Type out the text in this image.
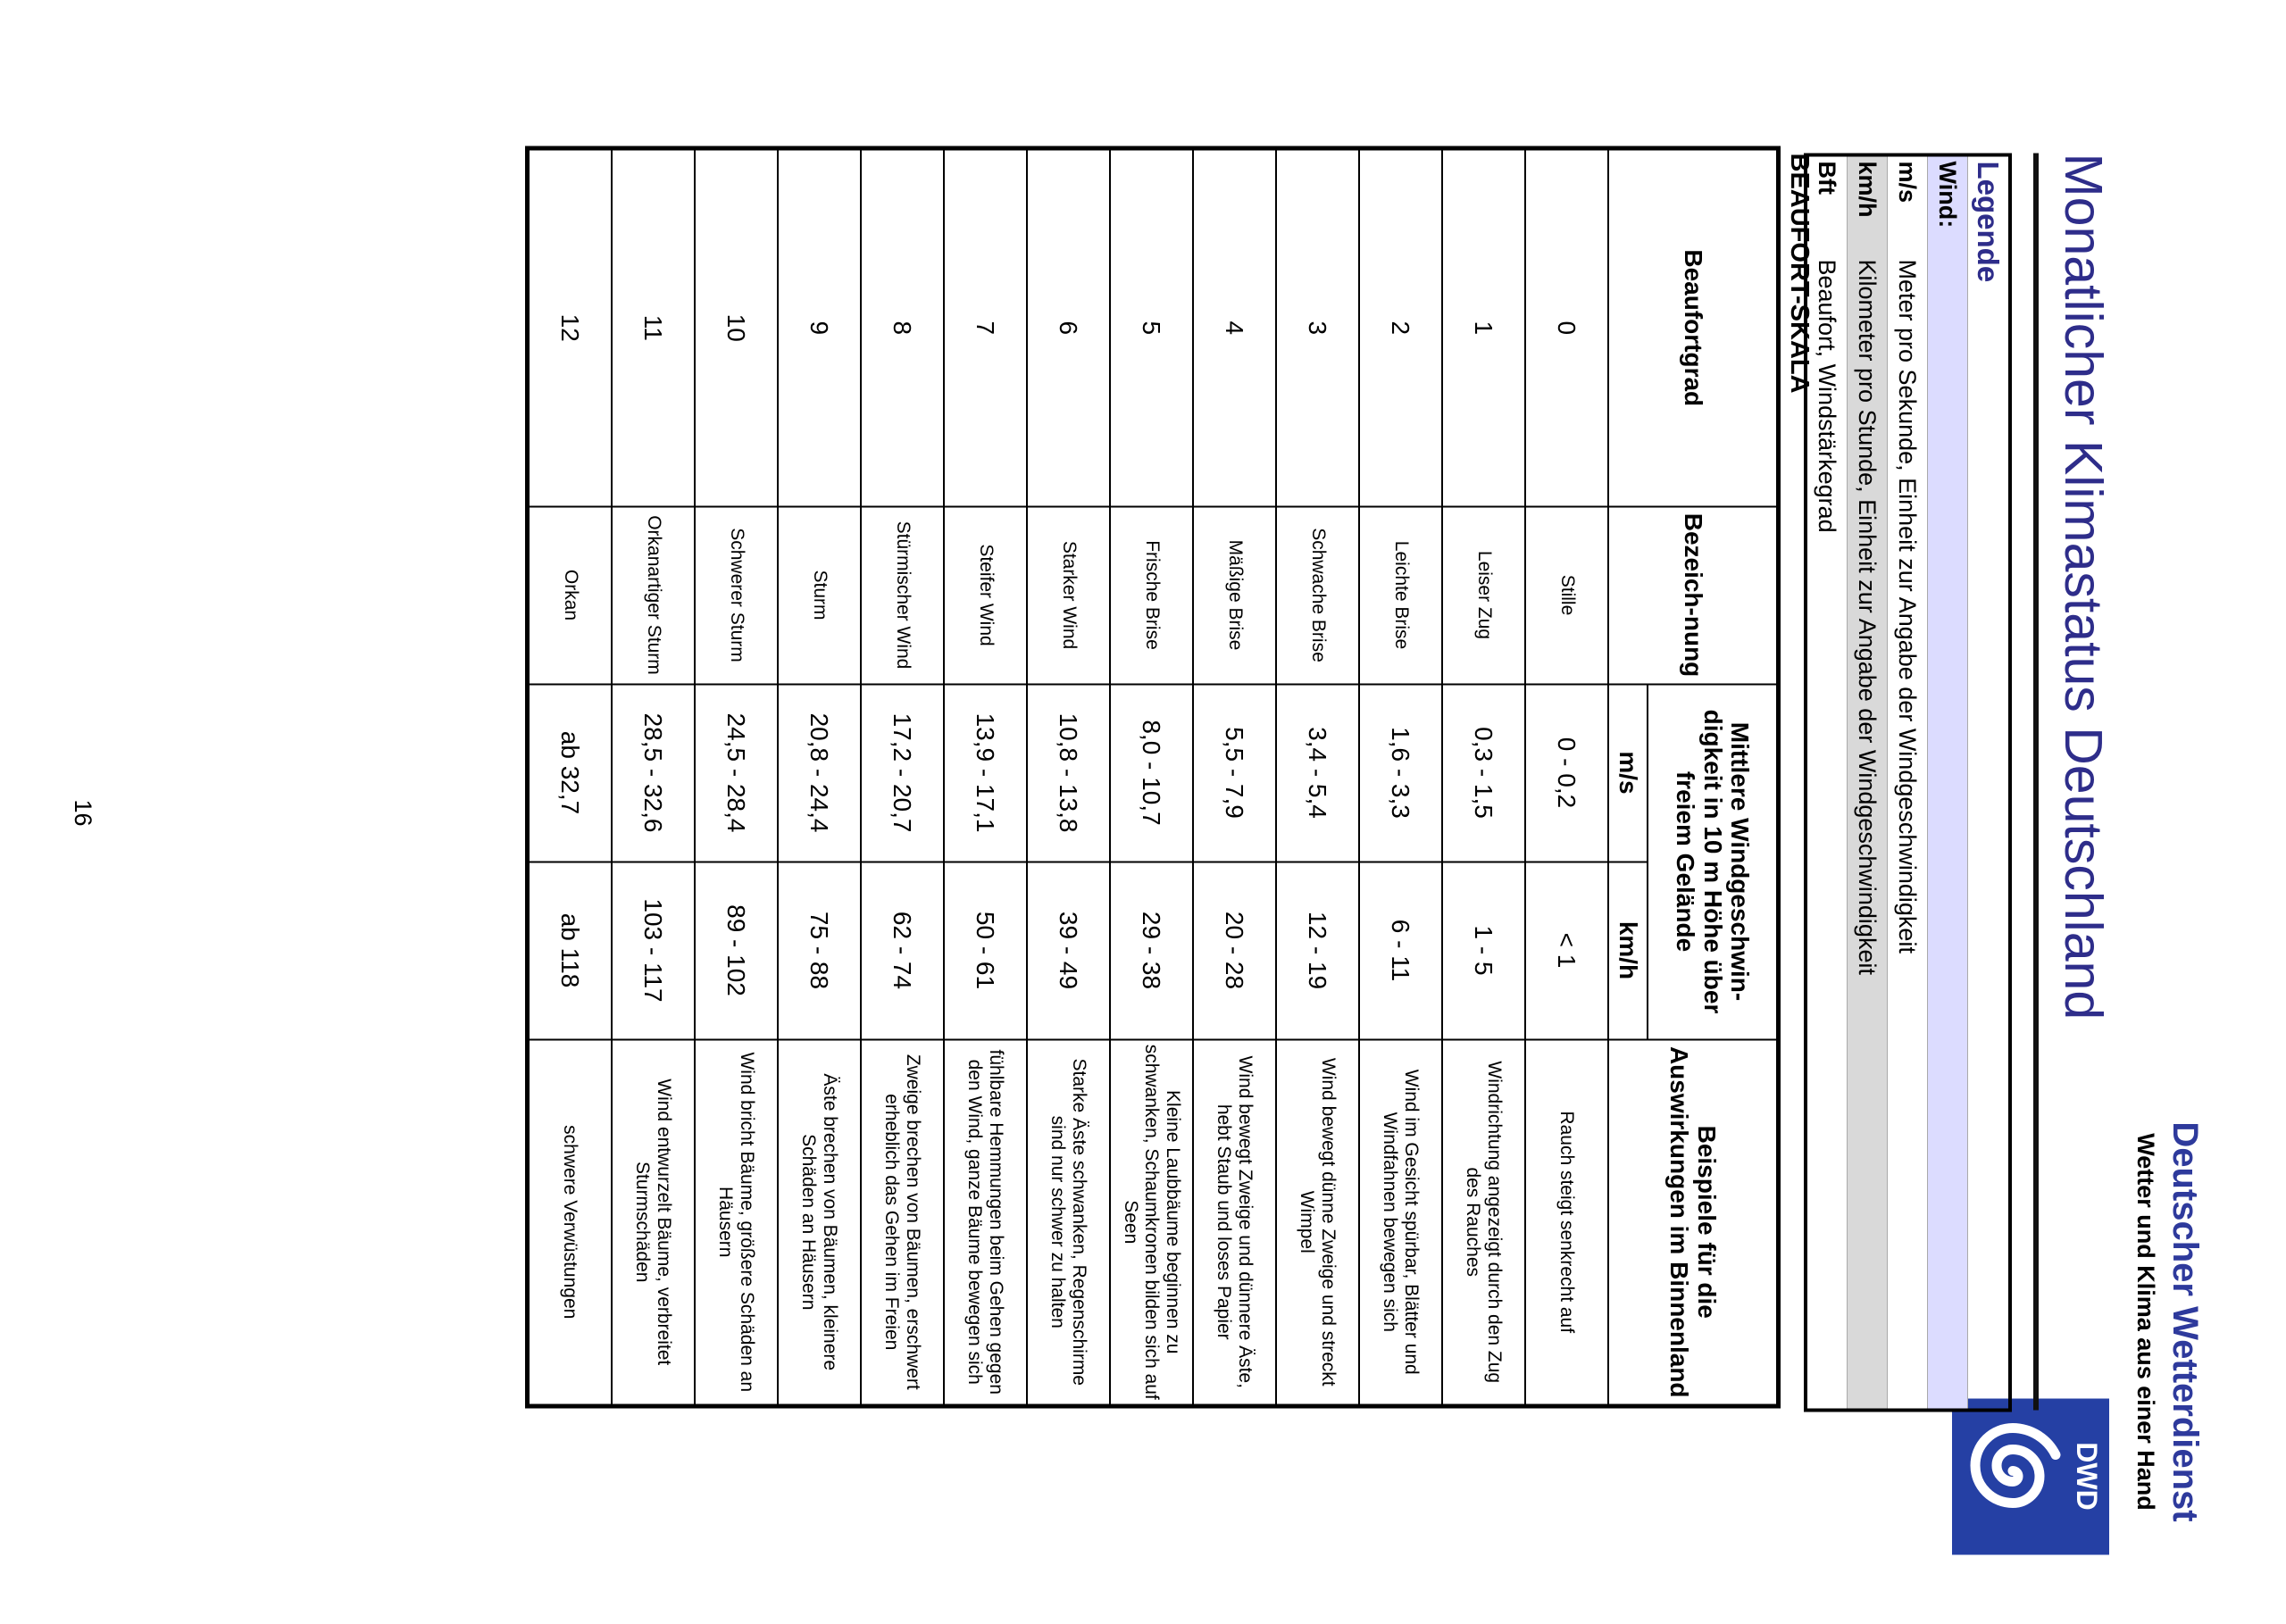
Deutscher Wetterdienst
Wetter und Klima aus einer Hand
DWD
Monatlicher Klimastatus Deutschland
Legende
Wind:
m/s
Meter pro Sekunde, Einheit zur Angabe der Windgeschwindigkeit
km/h
Kilometer pro Stunde, Einheit zur Angabe der Windgeschwindigkeit
Bft
Beaufort, Windstärkegrad
BEAUFORT-SKALA
Beaufortgrad	Bezeich-nung	Mittlere Windgeschwin-digkeit in 10 m Höhe über freiem Gelände		Beispiele für die Auswirkungen im Binnenland
		m/s	km/h	
0	Stille	0 - 0,2	< 1	Rauch steigt senkrecht auf
1	Leiser Zug	0,3 - 1,5	1 - 5	Windrichtung angezeigt durch den Zug des Rauches
2	Leichte Brise	1,6 - 3,3	6 - 11	Wind im Gesicht spürbar, Blätter und Windfahnen bewegen sich
3	Schwache Brise	3,4 - 5,4	12 - 19	Wind bewegt dünne Zweige und streckt Wimpel
4	Mäßige Brise	5,5 - 7,9	20 - 28	Wind bewegt Zweige und dünnere Äste, hebt Staub und loses Papier
5	Frische Brise	8,0 - 10,7	29 - 38	Kleine Laubbäume beginnen zu schwanken, Schaumkronen bilden sich auf Seen
6	Starker Wind	10,8 - 13,8	39 - 49	Starke Äste schwanken, Regenschirme sind nur schwer zu halten
7	Steifer Wind	13,9 - 17,1	50 - 61	fühlbare Hemmungen beim Gehen gegen den Wind, ganze Bäume bewegen sich
8	Stürmischer Wind	17,2 - 20,7	62 - 74	Zweige brechen von Bäumen, erschwert erheblich das Gehen im Freien
9	Sturm	20,8 - 24,4	75 - 88	Äste brechen von Bäumen, kleinere Schäden an Häusern
10	Schwerer Sturm	24,5 - 28,4	89 - 102	Wind bricht Bäume, größere Schäden an Häusern
11	Orkanartiger Sturm	28,5 - 32,6	103 - 117	Wind entwurzelt Bäume, verbreitet Sturmschäden
12	Orkan	ab 32,7	ab 118	schwere Verwüstungen
16
